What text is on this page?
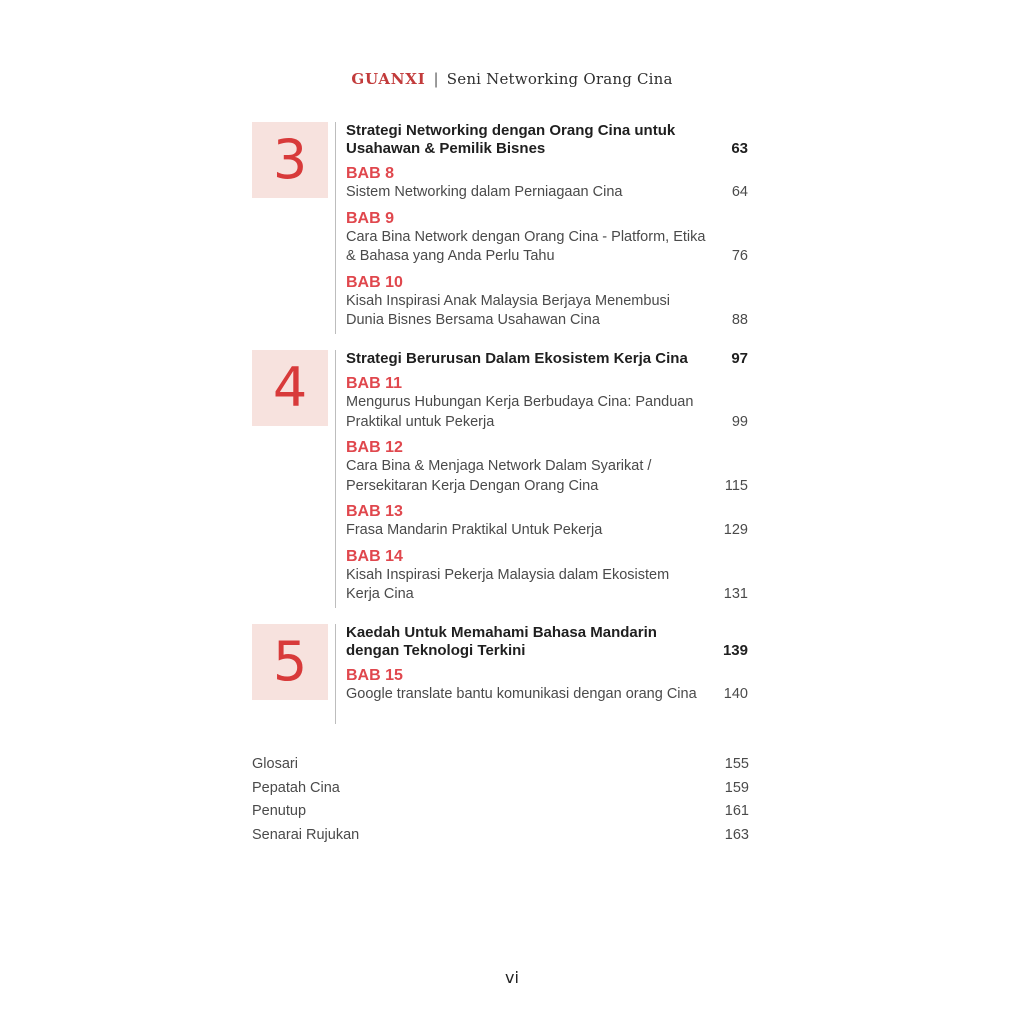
GUANXI | Seni Networking Orang Cina
3	Strategi Networking dengan Orang Cina untuk Usahawan & Pemilik Bisnes	63
BAB 8
Sistem Networking dalam Perniagaan Cina	64
BAB 9
Cara Bina Network dengan Orang Cina - Platform, Etika & Bahasa yang Anda Perlu Tahu	76
BAB 10
Kisah Inspirasi Anak Malaysia Berjaya Menembusi Dunia Bisnes Bersama Usahawan Cina	88
4	Strategi Berurusan Dalam Ekosistem Kerja Cina	97
BAB 11
Mengurus Hubungan Kerja Berbudaya Cina: Panduan Praktikal untuk Pekerja	99
BAB 12
Cara Bina & Menjaga Network Dalam Syarikat / Persekitaran Kerja Dengan Orang Cina	115
BAB 13
Frasa Mandarin Praktikal Untuk Pekerja	129
BAB 14
Kisah Inspirasi Pekerja Malaysia dalam Ekosistem Kerja Cina	131
5	Kaedah Untuk Memahami Bahasa Mandarin dengan Teknologi Terkini	139
BAB 15
Google translate bantu komunikasi dengan orang Cina 140
Glosari	155
Pepatah Cina	159
Penutup	161
Senarai Rujukan	163
vi
